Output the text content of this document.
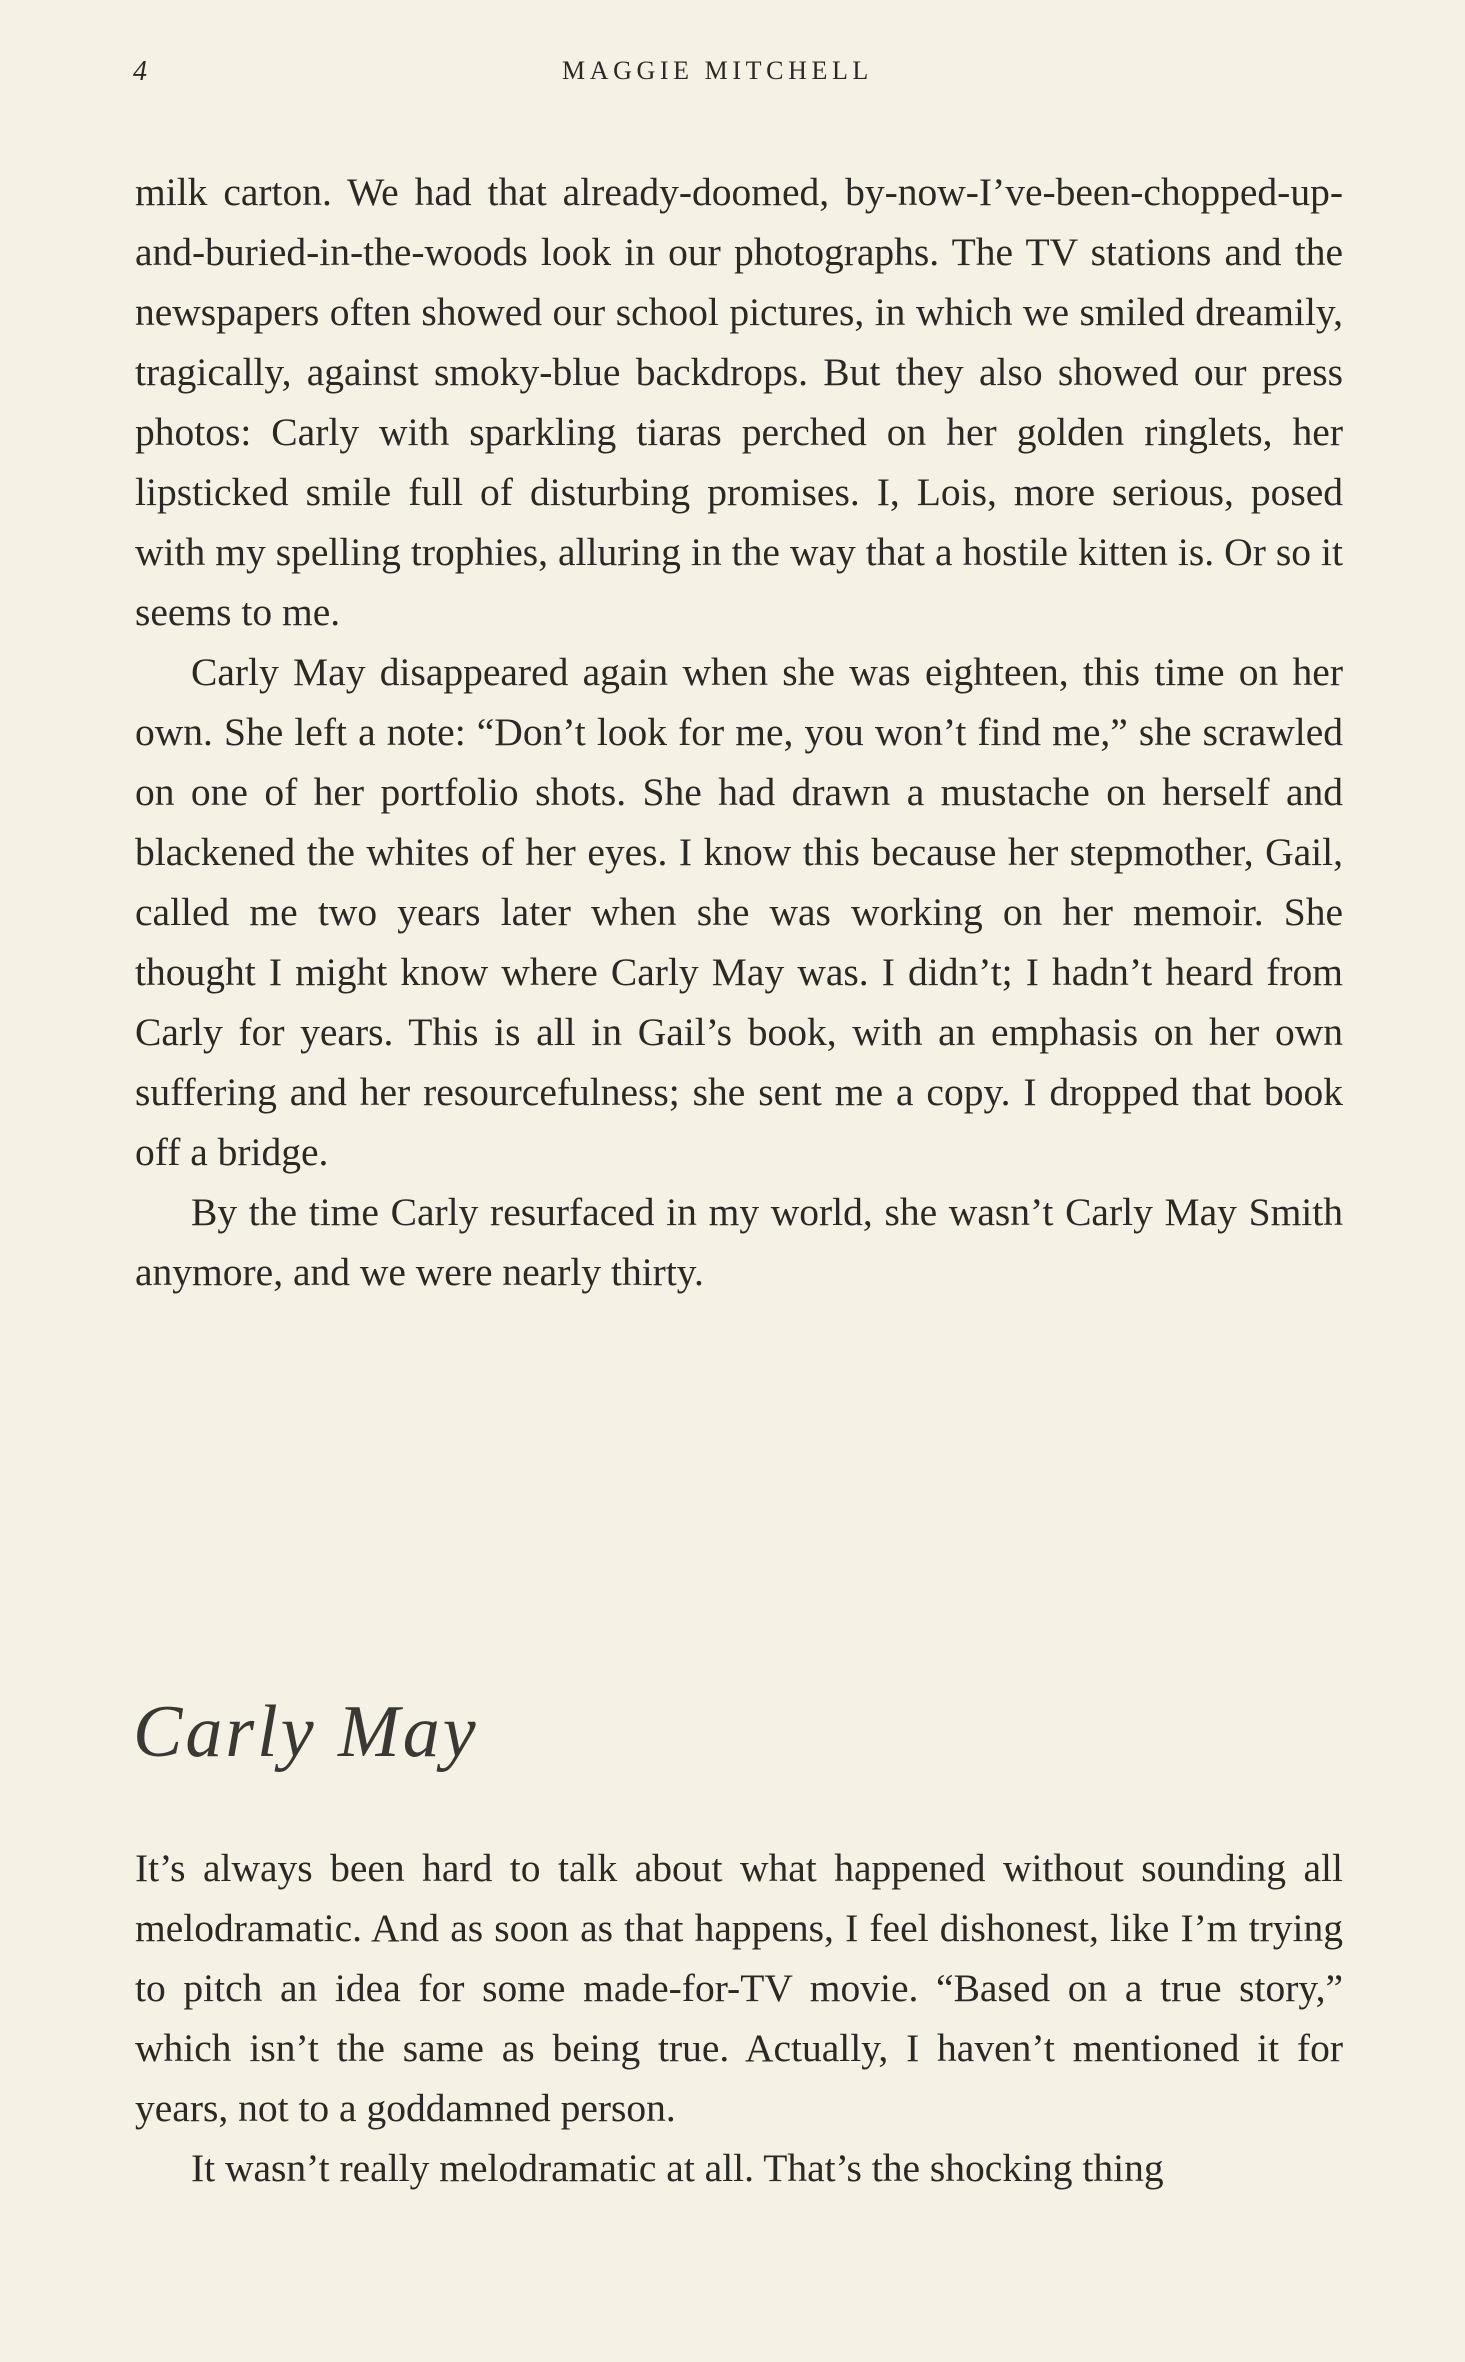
4	MAGGIE MITCHELL

milk carton. We had that already-doomed, by-now-I’ve-been-chopped-up-and-buried-in-the-woods look in our photographs. The TV stations and the newspapers often showed our school pictures, in which we smiled dreamily, tragically, against smoky-blue backdrops. But they also showed our press photos: Carly with sparkling tiaras perched on her golden ringlets, her lipsticked smile full of disturbing promises. I, Lois, more serious, posed with my spelling trophies, alluring in the way that a hostile kitten is. Or so it seems to me.

Carly May disappeared again when she was eighteen, this time on her own. She left a note: “Don’t look for me, you won’t find me,” she scrawled on one of her portfolio shots. She had drawn a mustache on herself and blackened the whites of her eyes. I know this because her stepmother, Gail, called me two years later when she was working on her memoir. She thought I might know where Carly May was. I didn’t; I hadn’t heard from Carly for years. This is all in Gail’s book, with an emphasis on her own suffering and her resourcefulness; she sent me a copy. I dropped that book off a bridge.

By the time Carly resurfaced in my world, she wasn’t Carly May Smith anymore, and we were nearly thirty.

Carly May

It’s always been hard to talk about what happened without sounding all melodramatic. And as soon as that happens, I feel dishonest, like I’m trying to pitch an idea for some made-for-TV movie. “Based on a true story,” which isn’t the same as being true. Actually, I haven’t mentioned it for years, not to a goddamned person.

It wasn’t really melodramatic at all. That’s the shocking thing
